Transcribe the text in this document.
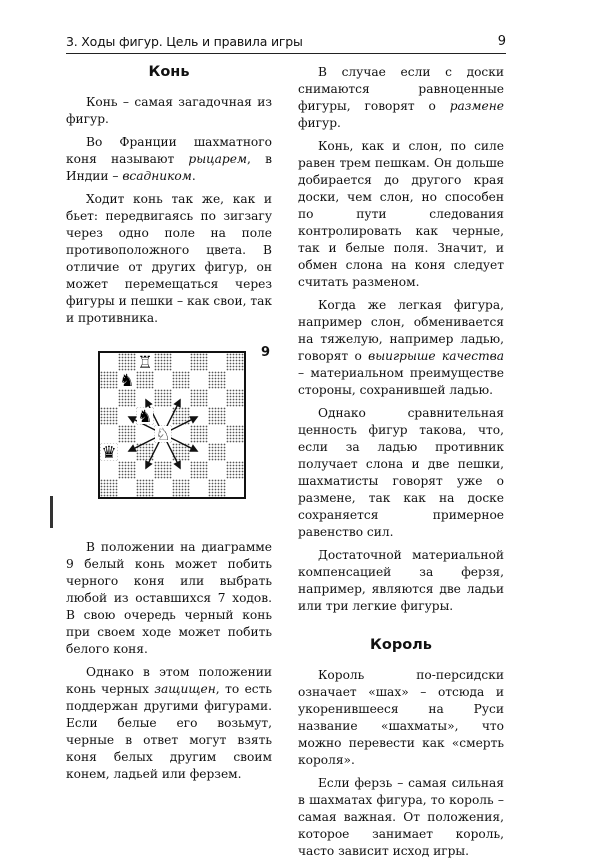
3. Ходы фигур. Цель и правила игры	9
Конь

Конь – самая загадочная из фигур.

Во Франции шахматного коня называют рыцарем, в Индии – всадником.

Ходит конь так же, как и бьет: передвигаясь по зигзагу через одно поле на поле противоположного цвета. В отличие от других фигур, он может перемещаться через фигуры и пешки – как свои, так и противника.

9
♖
♞
♞
♘
♛

В положении на диаграмме 9 белый конь может побить черного коня или выбрать любой из оставшихся 7 ходов. В свою очередь черный конь при своем ходе может побить белого коня.

Однако в этом положении конь черных защищен, то есть поддержан другими фигурами. Если белые его возьмут, черные в ответ могут взять коня белых другим своим конем, ладьей или ферзем.

В случае если с доски снимаются равноценные фигуры, говорят о размене фигур.

Конь, как и слон, по силе равен трем пешкам. Он дольше добирается до другого края доски, чем слон, но способен по пути следования контролировать как черные, так и белые поля. Значит, и обмен слона на коня следует считать разменом.

Когда же легкая фигура, например слон, обменивается на тяжелую, например ладью, говорят о выигрыше качества – материальном преимуществе стороны, сохранившей ладью.

Однако сравнительная ценность фигур такова, что, если за ладью противник получает слона и две пешки, шахматисты говорят уже о размене, так как на доске сохраняется примерное равенство сил.

Достаточной материальной компенсацией за ферзя, например, являются две ладьи или три легкие фигуры.

Король

Король по-персидски означает «шах» – отсюда и укоренившееся на Руси название «шахматы», что можно перевести как «смерть короля».

Если ферзь – самая сильная в шахматах фигура, то король – самая важная. От положения, которое занимает король, часто зависит исход игры.
